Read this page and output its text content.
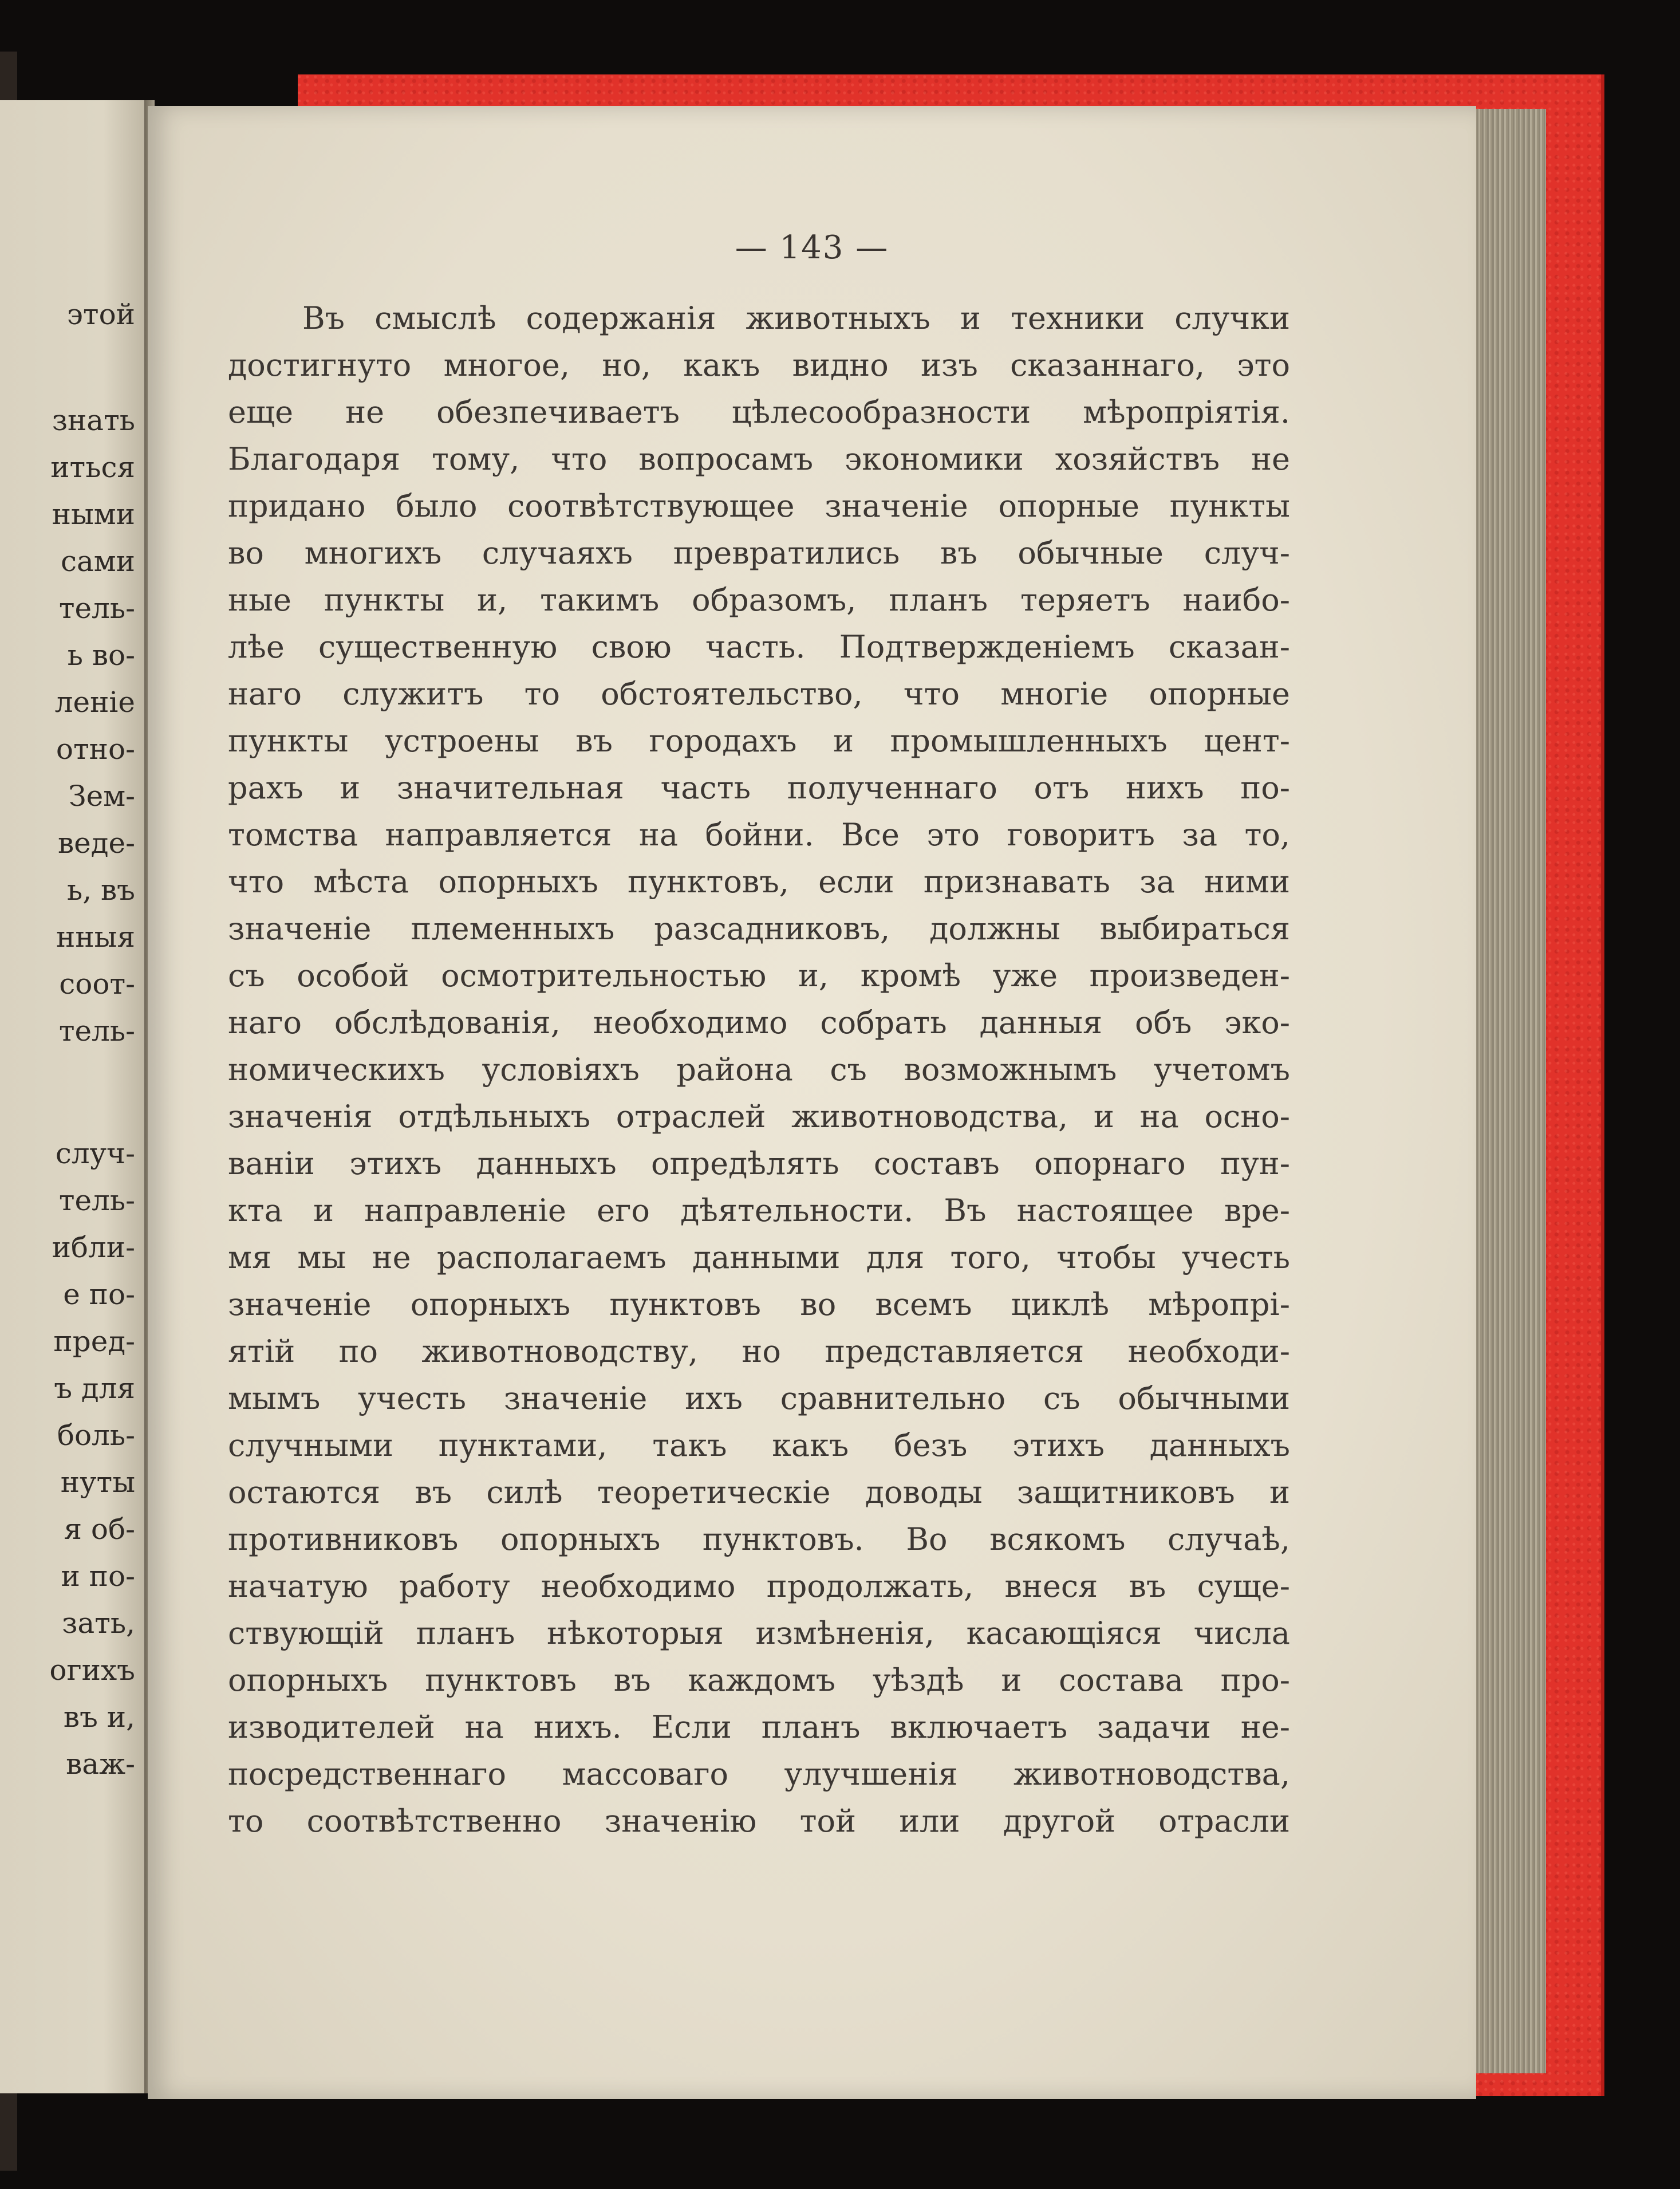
этой
знать
иться
ными
сами
тель-
ь во-
леніе
отно-
Зем-
веде-
ь, въ
нныя
соот-
тель-
случ-
тель-
ибли-
е по-
пред-
ъ для
боль-
нуты
я об-
и по-
зать,
огихъ
въ и,
важ-
— 143 —
Въ смыслѣ содержанія животныхъ и техники случки
достигнуто многое, но, какъ видно изъ сказаннаго, это
еще не обезпечиваетъ цѣлесообразности мѣропріятія.
Благодаря тому, что вопросамъ экономики хозяйствъ не
придано было соотвѣтствующее значеніе опорные пункты
во многихъ случаяхъ превратились въ обычные случ-
ные пункты и, такимъ образомъ, планъ теряетъ наибо-
лѣе существенную свою часть. Подтвержденіемъ сказан-
наго служитъ то обстоятельство, что многіе опорные
пункты устроены въ городахъ и промышленныхъ цент-
рахъ и значительная часть полученнаго отъ нихъ по-
томства направляется на бойни. Все это говоритъ за то,
что мѣста опорныхъ пунктовъ, если признавать за ними
значеніе племенныхъ разсадниковъ, должны выбираться
съ особой осмотрительностью и, кромѣ уже произведен-
наго обслѣдованія, необходимо собрать данныя объ эко-
номическихъ условіяхъ района съ возможнымъ учетомъ
значенія отдѣльныхъ отраслей животноводства, и на осно-
ваніи этихъ данныхъ опредѣлять составъ опорнаго пун-
кта и направленіе его дѣятельности. Въ настоящее вре-
мя мы не располагаемъ данными для того, чтобы учесть
значеніе опорныхъ пунктовъ во всемъ циклѣ мѣропрі-
ятій по животноводству, но представляется необходи-
мымъ учесть значеніе ихъ сравнительно съ обычными
случными пунктами, такъ какъ безъ этихъ данныхъ
остаются въ силѣ теоретическіе доводы защитниковъ и
противниковъ опорныхъ пунктовъ. Во всякомъ случаѣ,
начатую работу необходимо продолжать, внеся въ суще-
ствующій планъ нѣкоторыя измѣненія, касающіяся числа
опорныхъ пунктовъ въ каждомъ уѣздѣ и состава про-
изводителей на нихъ. Если планъ включаетъ задачи не-
посредственнаго массоваго улучшенія животноводства,
то соотвѣтственно значенію той или другой отрасли
